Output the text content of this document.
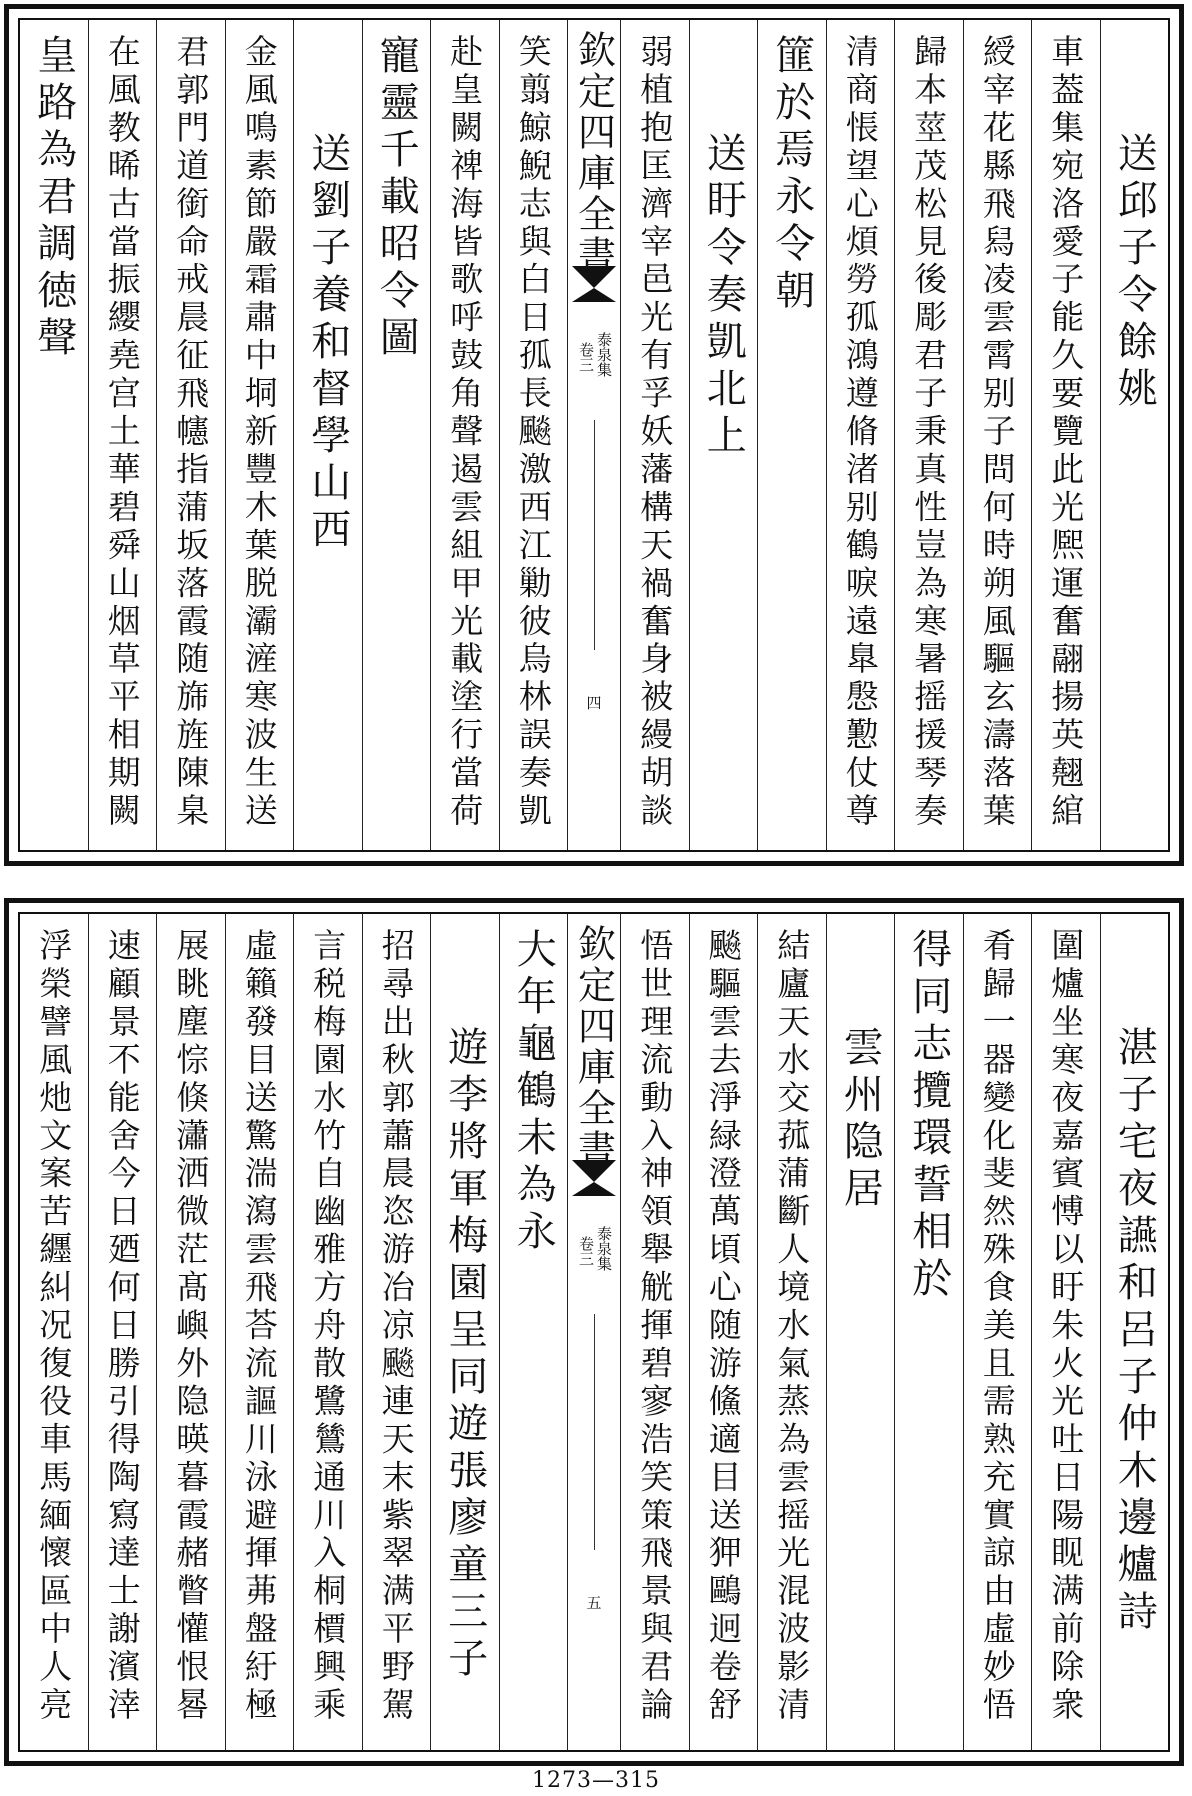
送邱子令餘姚
車葢集宛洛愛子能久要覽此光熈運奮翮揚英翹綰
綬宰花縣飛舄凌雲霄别子問何時朔風驅玄濤落葉
歸本莖茂松見後彫君子秉真性豈為寒暑摇援琴奏
清商悵望心煩勞孤鴻遵脩渚别鶴唳遠臯慇懃仗尊
篚於焉永令朝
送盱令奏凱北上
弱植抱匡濟宰邑光有孚妖藩構天禍奮身被縵胡談
欽定四庫全書
泰泉集
卷三
四
笑翦鯨鯢志與白日孤長飈激西江勦彼烏林誤奏凱
赴皇闕禆海皆歌呼鼓角聲遏雲組甲光載塗行當荷
寵靈千載昭令圖
送劉子養和督學山西
金風鳴素節嚴霜肅中垌新豐木葉脱灞滻寒波生送
君郭門道銜命戒晨征飛幰指蒲坂落霞随旆旌陳臬
在風教晞古當振纓堯宫土華碧舜山烟草平相期闕
皇路為君調徳聲
湛子宅夜讌和呂子仲木邊爐詩
圍爐坐寒夜嘉賓愽以盱朱火光吐日陽𪾢满前除衆
肴歸一器變化斐然殊食美且需熟充實諒由虛妙悟
得同志攬環誓相於
雲州隐居
結廬天水交菰蒲斷人境水氣蒸為雲摇光混波影清
飈驅雲去淨緑澄萬頃心随游鯈適目送狎鷗迥卷舒
悟世理流動入神領舉觥揮碧寥浩笑策飛景與君論
欽定四庫全書
泰泉集
卷三
五
大年龜鶴未為永
遊李將軍梅園呈同遊張廖童三子
招尋出秋郭蕭晨恣游冶凉飈連天末紫翠满平野駕
言税梅園水竹自幽雅方舟散鷺鷥通川入桐檟興乘
虛籟發目送驚湍瀉雲飛荅流謳川泳避揮茀盤紆極
展眺塵悰倏瀟洒微茫髙嶼外隐暎暮霞赭瞥懽恨晷
速顧景不能舍今日廼何日勝引得陶寫達士謝濱涬
浮榮譬風灺文案苦纒糾况復役車馬緬懷區中人亮
1273—315
